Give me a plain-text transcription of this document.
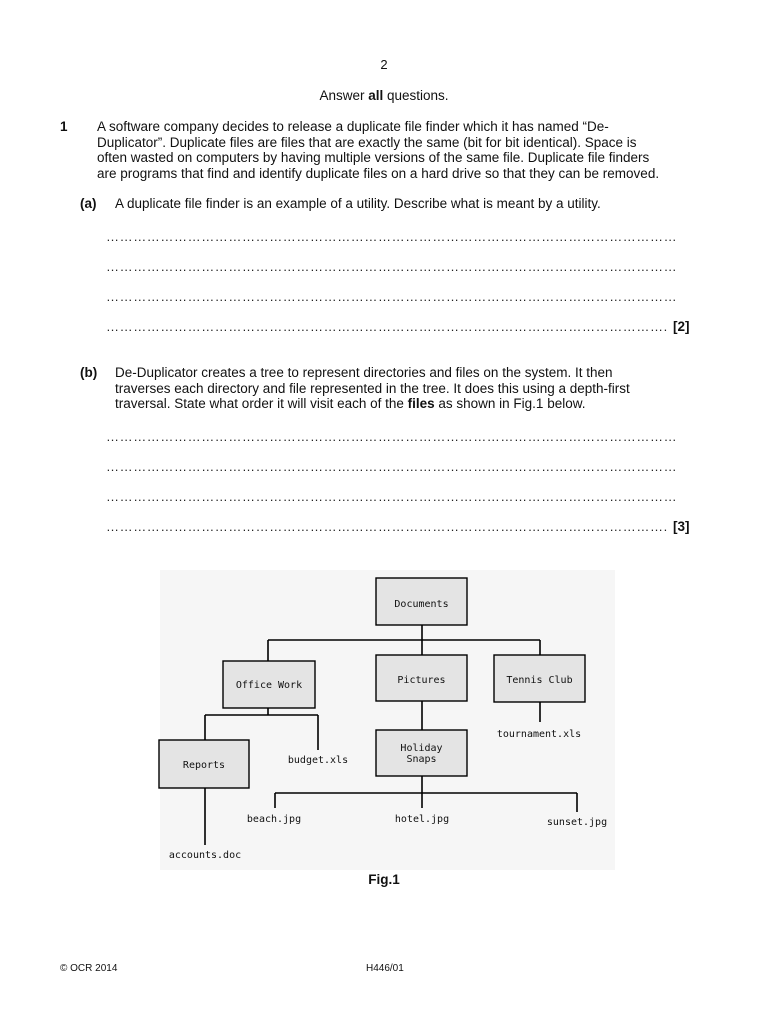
2
Answer all questions.
1 A software company decides to release a duplicate file finder which it has named “De-
Duplicator”. Duplicate files are files that are exactly the same (bit for bit identical). Space is
often wasted on computers by having multiple versions of the same file. Duplicate file finders
are programs that find and identify duplicate files on a hard drive so that they can be removed.
(a) A duplicate file finder is an example of a utility. Describe what is meant by a utility.
………………………………………………………………………………………………………………
………………………………………………………………………………………………………………
………………………………………………………………………………………………………………
……………………………………………………………………………………………………………. [2]
(b) De-Duplicator creates a tree to represent directories and files on the system. It then
traverses each directory and file represented in the tree. It does this using a depth-first
traversal. State what order it will visit each of the files as shown in Fig.1 below.
………………………………………………………………………………………………………………
………………………………………………………………………………………………………………
………………………………………………………………………………………………………………
……………………………………………………………………………………………………………. [3]
Documents
Office Work	Pictures	Tennis Club
Reports
Holiday
Snaps
budget.xls
tournament.xls
beach.jpg	hotel.jpg	sunset.jpg
accounts.doc
Fig.1
© OCR 2014	H446/01
